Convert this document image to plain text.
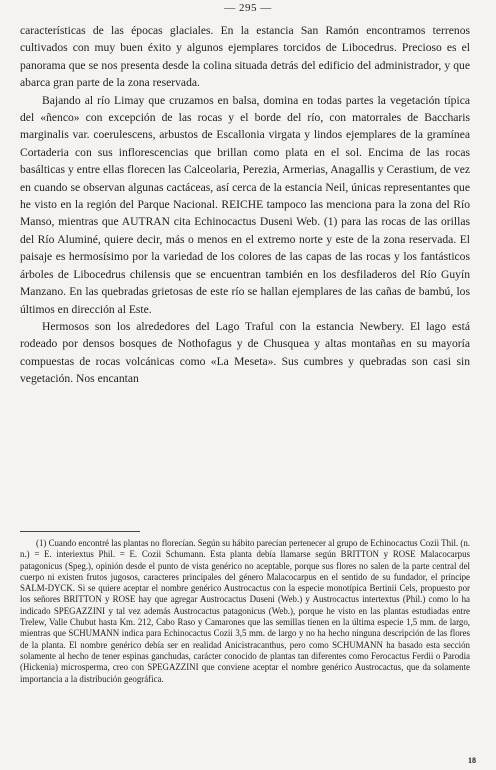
— 295 —

características de las épocas glaciales. En la estancia San Ramón encontramos terrenos cultivados con muy buen éxito y algunos ejemplares torcidos de Libocedrus. Precioso es el panorama que se nos presenta desde la colina situada detrás del edificio del administrador, y que abarca gran parte de la zona reservada.

Bajando al río Limay que cruzamos en balsa, domina en todas partes la vegetación típica del «ñenco» con excepción de las rocas y el borde del río, con matorrales de Baccharis marginalis var. coerulescens, arbustos de Escallonia virgata y lindos ejemplares de la gramínea Cortaderia con sus inflorescencias que brillan como plata en el sol. Encima de las rocas basálticas y entre ellas florecen las Calceolaria, Perezia, Armerias, Anagallis y Cerastium, de vez en cuando se observan algunas cactáceas, así cerca de la estancia Neil, únicas representantes que he visto en la región del Parque Nacional. REICHE tampoco las menciona para la zona del Río Manso, mientras que AUTRAN cita Echinocactus Duseni Web. (1) para las rocas de las orillas del Río Aluminé, quiere decir, más o menos en el extremo norte y este de la zona reservada. El paisaje es hermosísimo por la variedad de los colores de las capas de las rocas y los fantásticos árboles de Libocedrus chilensis que se encuentran también en los desfiladeros del Río Guyín Manzano. En las quebradas grietosas de este río se hallan ejemplares de las cañas de bambú, los últimos en dirección al Este.

Hermosos son los alrededores del Lago Traful con la estancia Newbery. El lago está rodeado por densos bosques de Nothofagus y de Chusquea y altas montañas en su mayoría compuestas de rocas volcánicas como «La Meseta». Sus cumbres y quebradas son casi sin vegetación. Nos encantan

(1) Cuando encontré las plantas no florecían. Según su hábito parecían pertenecer al grupo de Echinocactus Cozii Thil. (n. n.) = E. interiextus Phil. = E. Cozii Schumann. Esta planta debía llamarse según BRITTON y ROSE Malacocarpus patagonicus (Speg.), opinión desde el punto de vista genérico no aceptable, porque sus flores no salen de la parte central del cuerpo ni existen frutos jugosos, caracteres principales del género Malacocarpus en el sentido de su fundador, el príncipe SALM-DYCK. Si se quiere aceptar el nombre genérico Austrocactus con la especie monotípica Bertinii Cels, propuesto por los señores BRITTON y ROSE hay que agregar Austrocactus Duseni (Web.) y Austrocactus intertextus (Phil.) como lo ha indicado SPEGAZZINI y tal vez además Austrocactus patagonicus (Web.), porque he visto en las plantas estudiadas entre Trelew, Valle Chubut hasta Km. 212, Cabo Raso y Camarones que las semillas tienen en la última especie 1,5 mm. de largo, mientras que SCHUMANN indica para Echinocactus Cozii 3,5 mm. de largo y no ha hecho ninguna descripción de las flores de la planta. El nombre genérico debía ser en realidad Anicistracanthus, pero como SCHUMANN ha basado esta sección solamente al hecho de tener espinas ganchudas, carácter conocido de plantas tan diferentes como Ferocactus Ferdii o Parodia (Hickenia) microsperma, creo con SPEGAZZINI que conviene aceptar el nombre genérico Austrocactus, que da solamente importancia a la distribución geográfica.

18
